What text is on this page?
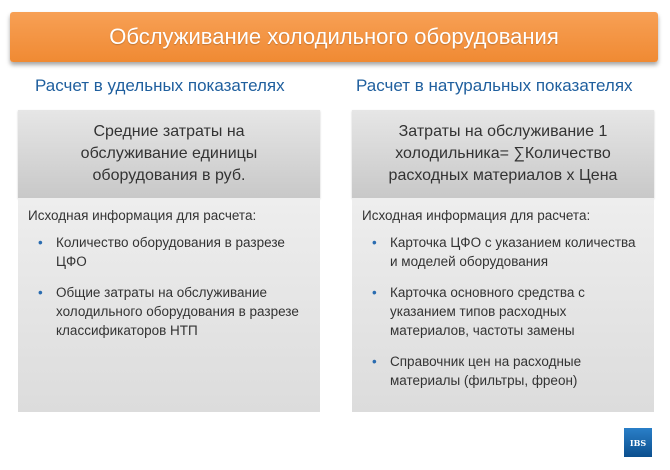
Обслуживание холодильного оборудования
Расчет в удельных показателях	Расчет в натуральных показателях
Средние затраты на обслуживание единицы оборудования в руб.
Исходная информация для расчета:
• Количество оборудования в разрезе ЦФО
• Общие затраты на обслуживание холодильного оборудования в разрезе классификаторов НТП
Затраты на обслуживание 1 холодильника= ∑Количество расходных материалов х Цена
Исходная информация для расчета:
• Карточка ЦФО с указанием количества и моделей оборудования
• Карточка основного средства с указанием типов расходных материалов, частоты замены
• Справочник цен на расходные материалы (фильтры, фреон)
IBS
